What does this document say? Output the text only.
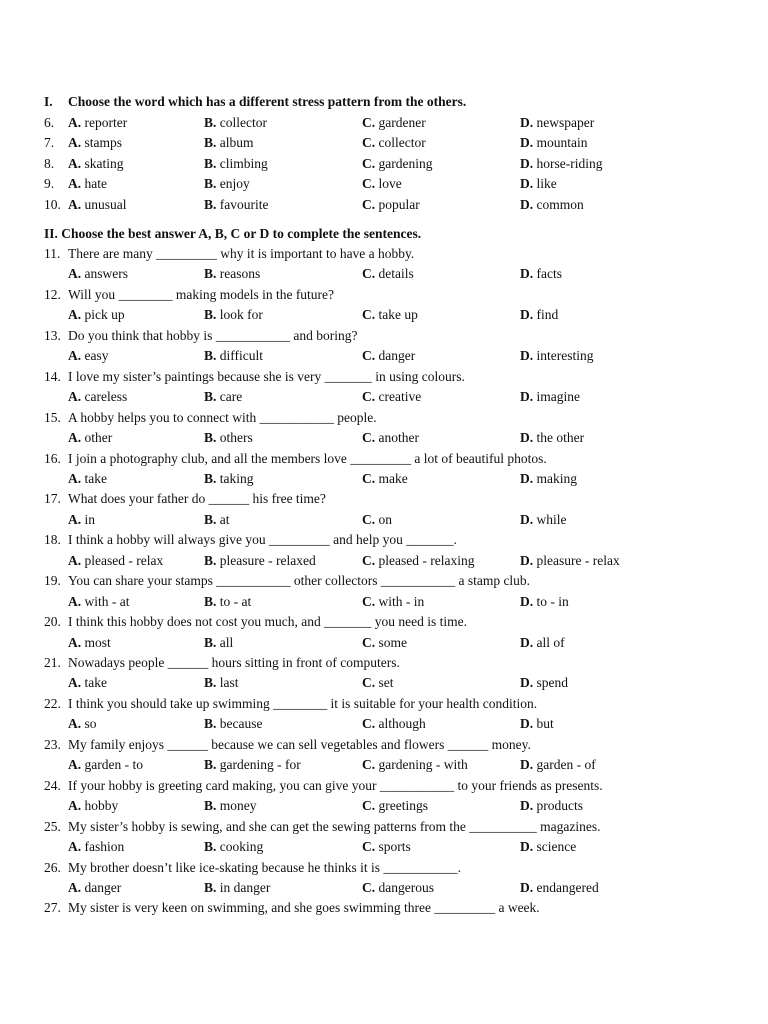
I. Choose the word which has a different stress pattern from the others.
6. A. reporter	B. collector	C. gardener	D. newspaper
7. A. stamps	B. album	C. collector	D. mountain
8. A. skating	B. climbing	C. gardening	D. horse-riding
9. A. hate	B. enjoy	C. love	D. like
10. A. unusual	B. favourite	C. popular	D. common
II. Choose the best answer A, B, C or D to complete the sentences.
11. There are many _________ why it is important to have a hobby.
A. answers	B. reasons	C. details	D. facts
12. Will you ________ making models in the future?
A. pick up	B. look for	C. take up	D. find
13. Do you think that hobby is ___________ and boring?
A. easy	B. difficult	C. danger	D. interesting
14. I love my sister’s paintings because she is very _______ in using colours.
A. careless	B. care	C. creative	D. imagine
15. A hobby helps you to connect with ___________ people.
A. other	B. others	C. another	D. the other
16. I join a photography club, and all the members love _________ a lot of beautiful photos.
A. take	B. taking	C. make	D. making
17. What does your father do ______ his free time?
A. in	B. at	C. on	D. while
18. I think a hobby will always give you _________ and help you _______.
A. pleased - relax	B. pleasure - relaxed	C. pleased - relaxing	D. pleasure - relax
19. You can share your stamps ___________ other collectors ___________ a stamp club.
A. with - at	B. to - at	C. with - in	D. to - in
20. I think this hobby does not cost you much, and _______ you need is time.
A. most	B. all	C. some	D. all of
21. Nowadays people ______ hours sitting in front of computers.
A. take	B. last	C. set	D. spend
22. I think you should take up swimming ________ it is suitable for your health condition.
A. so	B. because	C. although	D. but
23. My family enjoys ______ because we can sell vegetables and flowers ______ money.
A. garden - to	B. gardening - for	C. gardening - with	D. garden - of
24. If your hobby is greeting card making, you can give your ___________ to your friends as presents.
A. hobby	B. money	C. greetings	D. products
25. My sister’s hobby is sewing, and she can get the sewing patterns from the __________ magazines.
A. fashion	B. cooking	C. sports	D. science
26. My brother doesn’t like ice-skating because he thinks it is ___________.
A. danger	B. in danger	C. dangerous	D. endangered
27. My sister is very keen on swimming, and she goes swimming three _________ a week.
